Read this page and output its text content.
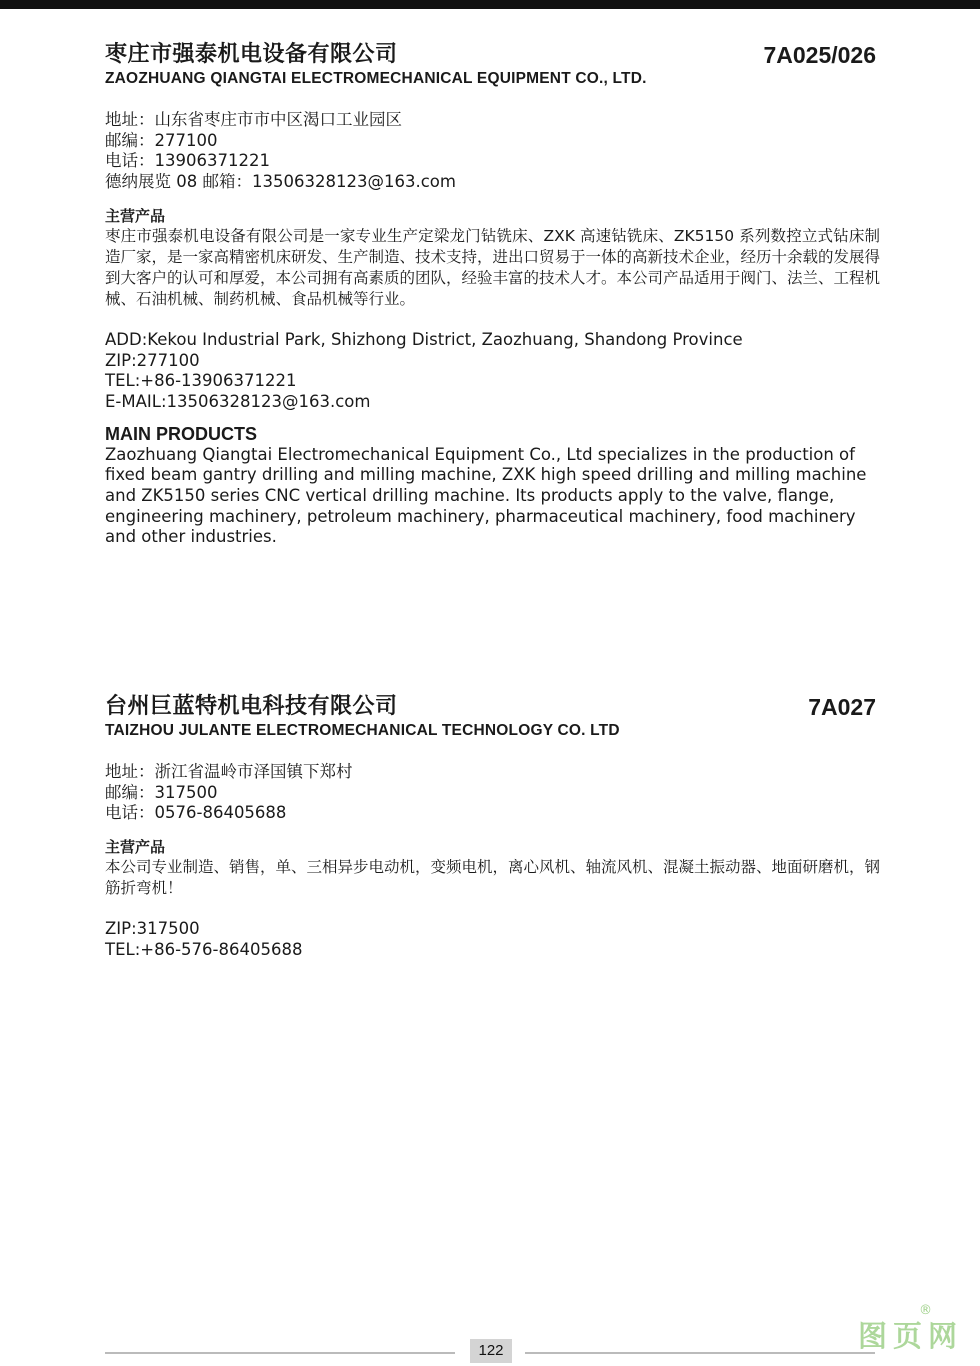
枣庄市强泰机电设备有限公司	7A025/026
ZAOZHUANG QIANGTAI ELECTROMECHANICAL EQUIPMENT CO., LTD.
地址：山东省枣庄市市中区渴口工业园区
邮编：277100
电话：13906371221
德纳展览 08 邮箱：13506328123@163.com
主营产品
枣庄市强泰机电设备有限公司是一家专业生产定梁龙门钻铣床、ZXK 高速钻铣床、ZK5150 系列数控立式钻床制造厂家，是一家高精密机床研发、生产制造、技术支持，进出口贸易于一体的高新技术企业，经历十余载的发展得到大客户的认可和厚爱，本公司拥有高素质的团队，经验丰富的技术人才。本公司产品适用于阀门、法兰、工程机械、石油机械、制药机械、食品机械等行业。
ADD:Kekou Industrial Park, Shizhong District, Zaozhuang, Shandong Province
ZIP:277100
TEL:+86-13906371221
E-MAIL:13506328123@163.com
MAIN PRODUCTS
Zaozhuang Qiangtai Electromechanical Equipment Co., Ltd specializes in the production of fixed beam gantry drilling and milling machine, ZXK high speed drilling and milling machine and ZK5150 series CNC vertical drilling machine. Its products apply to the valve, flange, engineering machinery, petroleum machinery, pharmaceutical machinery, food machinery and other industries.
台州巨蓝特机电科技有限公司	7A027
TAIZHOU JULANTE ELECTROMECHANICAL TECHNOLOGY CO. LTD
地址：浙江省温岭市泽国镇下郑村
邮编：317500
电话：0576-86405688
主营产品
本公司专业制造、销售，单、三相异步电动机，变频电机，离心风机、轴流风机、混凝土振动器、地面研磨机，钢筋折弯机！
ZIP:317500
TEL:+86-576-86405688
122	图页网
®
